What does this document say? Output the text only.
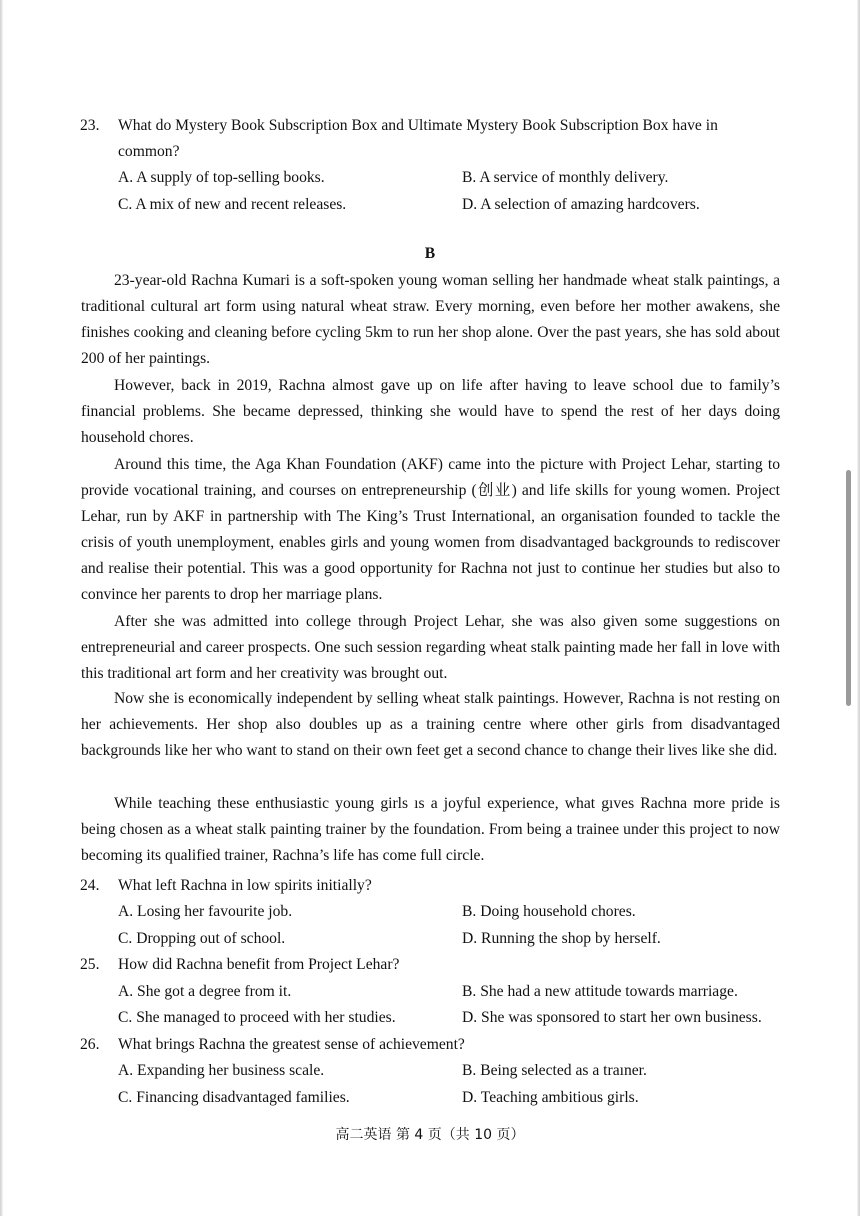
23. What do Mystery Book Subscription Box and Ultimate Mystery Book Subscription Box have in
common?
A. A supply of top-selling books.	B. A service of monthly delivery.
C. A mix of new and recent releases.	D. A selection of amazing hardcovers.
B

23-year-old Rachna Kumari is a soft-spoken young woman selling her handmade wheat stalk paintings, a traditional cultural art form using natural wheat straw. Every morning, even before her mother awakens, she finishes cooking and cleaning before cycling 5km to run her shop alone. Over the past years, she has sold about 200 of her paintings.

However, back in 2019, Rachna almost gave up on life after having to leave school due to family’s financial problems. She became depressed, thinking she would have to spend the rest of her days doing household chores.

Around this time, the Aga Khan Foundation (AKF) came into the picture with Project Lehar, starting to provide vocational training, and courses on entrepreneurship (创业) and life skills for young women. Project Lehar, run by AKF in partnership with The King’s Trust International, an organisation founded to tackle the crisis of youth unemployment, enables girls and young women from disadvantaged backgrounds to rediscover and realise their potential. This was a good opportunity for Rachna not just to continue her studies but also to convince her parents to drop her marriage plans.

After she was admitted into college through Project Lehar, she was also given some suggestions on entrepreneurial and career prospects. One such session regarding wheat stalk painting made her fall in love with this traditional art form and her creativity was brought out.

Now she is economically independent by selling wheat stalk paintings. However, Rachna is not resting on her achievements. Her shop also doubles up as a training centre where other girls from disadvantaged backgrounds like her who want to stand on their own feet get a second chance to change their lives like she did.

While teaching these enthusiastic young girls ıs a joyful experience, what gıves Rachna more pride is being chosen as a wheat stalk painting trainer by the foundation. From being a trainee under this project to now becoming its qualified trainer, Rachna’s life has come full circle.

24. What left Rachna in low spirits initially?
A. Losing her favourite job.	B. Doing household chores.
C. Dropping out of school.	D. Running the shop by herself.
25. How did Rachna benefit from Project Lehar?
A. She got a degree from it.	B. She had a new attitude towards marriage.
C. She managed to proceed with her studies.	D. She was sponsored to start her own business.
26. What brings Rachna the greatest sense of achievement?
A. Expanding her business scale.	B. Being selected as a traıner.
C. Financing disadvantaged families.	D. Teaching ambitious girls.
高二英语 第 4 页（共 10 页）
